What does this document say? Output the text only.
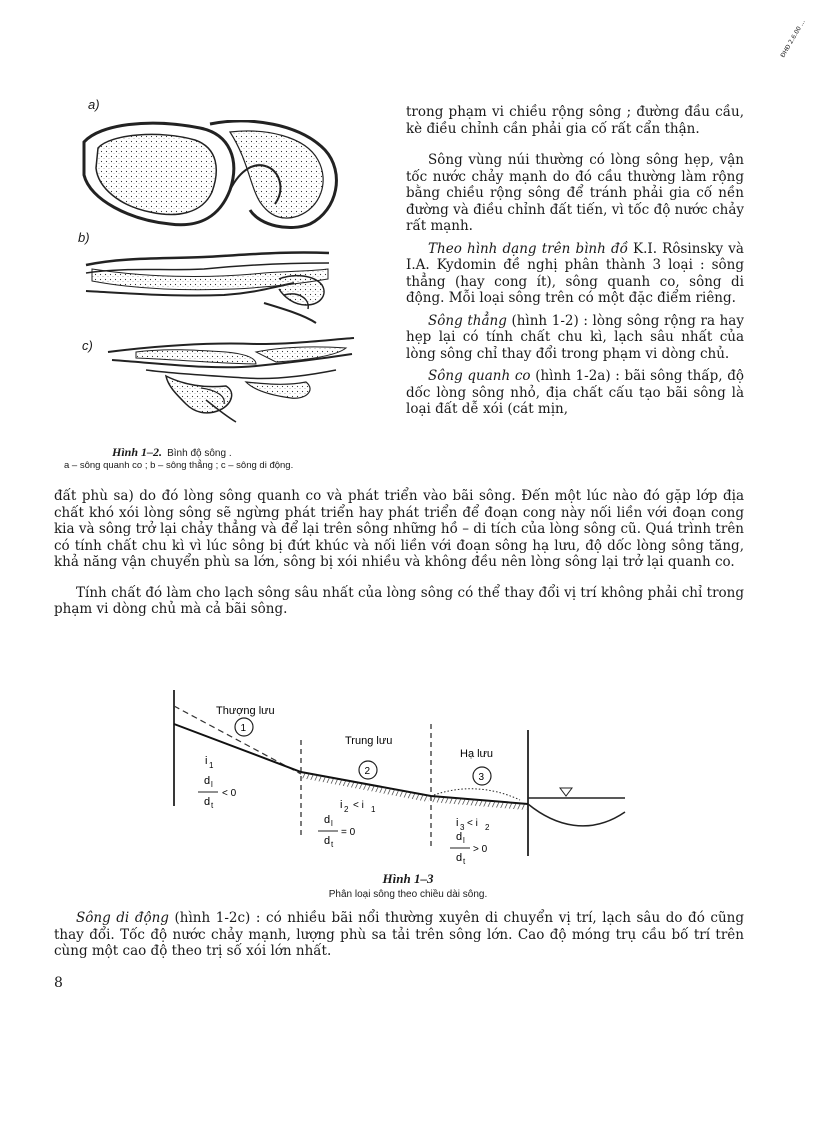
ĐHĐ 2.6.00 ...
a)
b)
c)
Hình 1–2. Bình độ sông .
a – sông quanh co ; b – sông thẳng ; c – sông di động.

trong phạm vi chiều rộng sông ; đường đầu cầu, kè điều chỉnh cần phải gia cố rất cẩn thận.

Sông vùng núi thường có lòng sông hẹp, vận tốc nước chảy mạnh do đó cầu thường làm rộng bằng chiều rộng sông để tránh phải gia cố nền đường và điều chỉnh đất tiến, vì tốc độ nước chảy rất mạnh.

Theo hình dạng trên bình đồ K.I. Rôsinsky và I.A. Kydomin đề nghị phân thành 3 loại : sông thẳng (hay cong ít), sông quanh co, sông di động. Mỗi loại sông trên có một đặc điểm riêng.

Sông thẳng (hình 1-2) : lòng sông rộng ra hay hẹp lại có tính chất chu kì, lạch sâu nhất của lòng sông chỉ thay đổi trong phạm vi dòng chủ.

Sông quanh co (hình 1-2a) : bãi sông thấp, độ dốc lòng sông nhỏ, địa chất cấu tạo bãi sông là loại đất dễ xói (cát mịn,

đất phù sa) do đó lòng sông quanh co và phát triển vào bãi sông. Đến một lúc nào đó gặp lớp địa chất khó xói lòng sông sẽ ngừng phát triển hay phát triển để đoạn cong này nối liền với đoạn cong kia và sông trở lại chảy thẳng và để lại trên sông những hồ – di tích của lòng sông cũ. Quá trình trên có tính chất chu kì vì lúc sông bị đứt khúc và nối liền với đoạn sông hạ lưu, độ dốc lòng sông tăng, khả năng vận chuyển phù sa lớn, sông bị xói nhiều và không đều nên lòng sông lại trở lại quanh co.

Tính chất đó làm cho lạch sông sâu nhất của lòng sông có thể thay đổi vị trí không phải chỉ trong phạm vi dòng chủ mà cả bãi sông.

Thượng lưu
1
i 1
d l
d t
< 0
Trung lưu
2
i 2 < i 1
d l
d t
= 0
Hạ lưu
3
i 3 < i 2
d l
d t
> 0
Hình 1–3
Phân loại sông theo chiều dài sông.

Sông di động (hình 1-2c) : có nhiều bãi nổi thường xuyên di chuyển vị trí, lạch sâu do đó cũng thay đổi. Tốc độ nước chảy mạnh, lượng phù sa tải trên sông lớn. Cao độ móng trụ cầu bố trí trên cùng một cao độ theo trị số xói lớn nhất.

8
